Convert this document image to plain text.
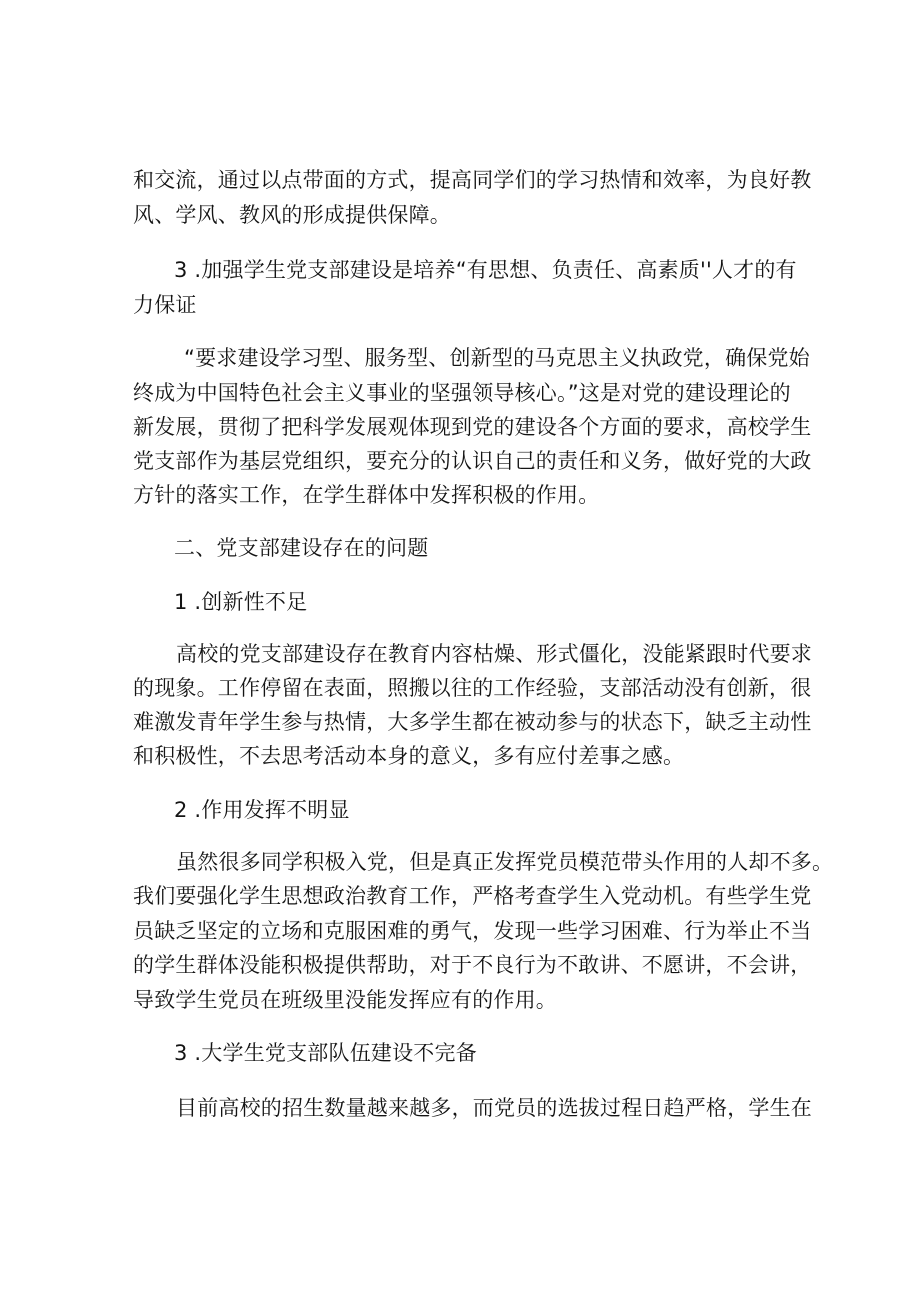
和交流，通过以点带面的方式，提高同学们的学习热情和效率，为良好教
风、学风、教风的形成提供保障。
3 .加强学生党支部建设是培养“有思想、负责任、高素质''人才的有
力保证
“要求建设学习型、服务型、创新型的马克思主义执政党，确保党始
终成为中国特色社会主义事业的坚强领导核心。”这是对党的建设理论的
新发展，贯彻了把科学发展观体现到党的建设各个方面的要求，高校学生
党支部作为基层党组织，要充分的认识自己的责任和义务，做好党的大政
方针的落实工作，在学生群体中发挥积极的作用。
二、党支部建设存在的问题
1 .创新性不足
高校的党支部建设存在教育内容枯燥、形式僵化，没能紧跟时代要求
的现象。工作停留在表面，照搬以往的工作经验，支部活动没有创新，很
难激发青年学生参与热情，大多学生都在被动参与的状态下，缺乏主动性
和积极性，不去思考活动本身的意义，多有应付差事之感。
2 .作用发挥不明显
虽然很多同学积极入党，但是真正发挥党员模范带头作用的人却不多。
我们要强化学生思想政治教育工作，严格考查学生入党动机。有些学生党
员缺乏坚定的立场和克服困难的勇气，发现一些学习困难、行为举止不当
的学生群体没能积极提供帮助，对于不良行为不敢讲、不愿讲，不会讲，
导致学生党员在班级里没能发挥应有的作用。
3 .大学生党支部队伍建设不完备
目前高校的招生数量越来越多，而党员的选拔过程日趋严格，学生在
